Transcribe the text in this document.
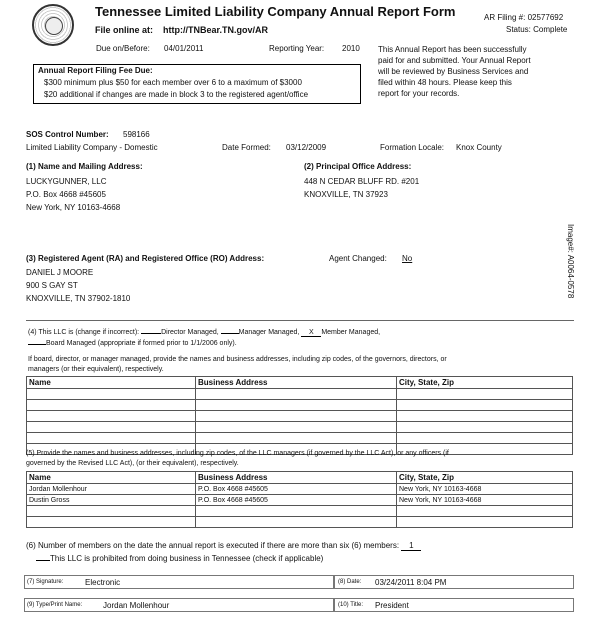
Tennessee Limited Liability Company Annual Report Form
File online at: http://TNBear.TN.gov/AR
AR Filing #: 02577692
Status: Complete
Due on/Before: 04/01/2011	Reporting Year: 2010 This Annual Report has been successfully
paid for and submitted. Your Annual Report
will be reviewed by Business Services and
filed within 48 hours. Please keep this
report for your records.
Annual Report Filing Fee Due:
$300 minimum plus $50 for each member over 6 to a maximum of $3000
$20 additional if changes are made in block 3 to the registered agent/office
SOS Control Number: 598166
Limited Liability Company - Domestic	Date Formed: 03/12/2009	Formation Locale: Knox County
(1) Name and Mailing Address:
LUCKYGUNNER, LLC
P.O. Box 4668 #45605
New York, NY 10163-4668
(2) Principal Office Address:
448 N CEDAR BLUFF RD. #201
KNOXVILLE, TN 37923
Image#: A0064-0578
(3) Registered Agent (RA) and Registered Office (RO) Address:	Agent Changed: No
DANIEL J MOORE
900 S GAY ST
KNOXVILLE, TN 37902-1810
(4) This LLC is (change if incorrect):	Director Managed,	Manager Managed, X Member Managed,
Board Managed (appropriate if formed prior to 1/1/2006 only).
If board, director, or manager managed, provide the names and business addresses, including zip codes, of the governors, directors, or
managers (or their equivalent), respectively.
Name	Business Address	City, State, Zip

(5) Provide the names and business addresses, including zip codes, of the LLC managers (if governed by the LLC Act), or any officers (if
governed by the Revised LLC Act), (or their equivalent), respectively.
Name	Business Address	City, State, Zip
Jordan Mollenhour	P.O. Box 4668 #45605	New York, NY 10163-4668
Dustin Gross	P.O. Box 4668 #45605	New York, NY 10163-4668

(6) Number of members on the date the annual report is executed if there are more than six (6) members: 1
This LLC is prohibited from doing business in Tennessee (check if applicable)
(7) Signature:	Electronic	(8) Date: 03/24/2011 8:04 PM
(9) Type/Print Name:	Jordan Mollenhour	(10) Title: President
